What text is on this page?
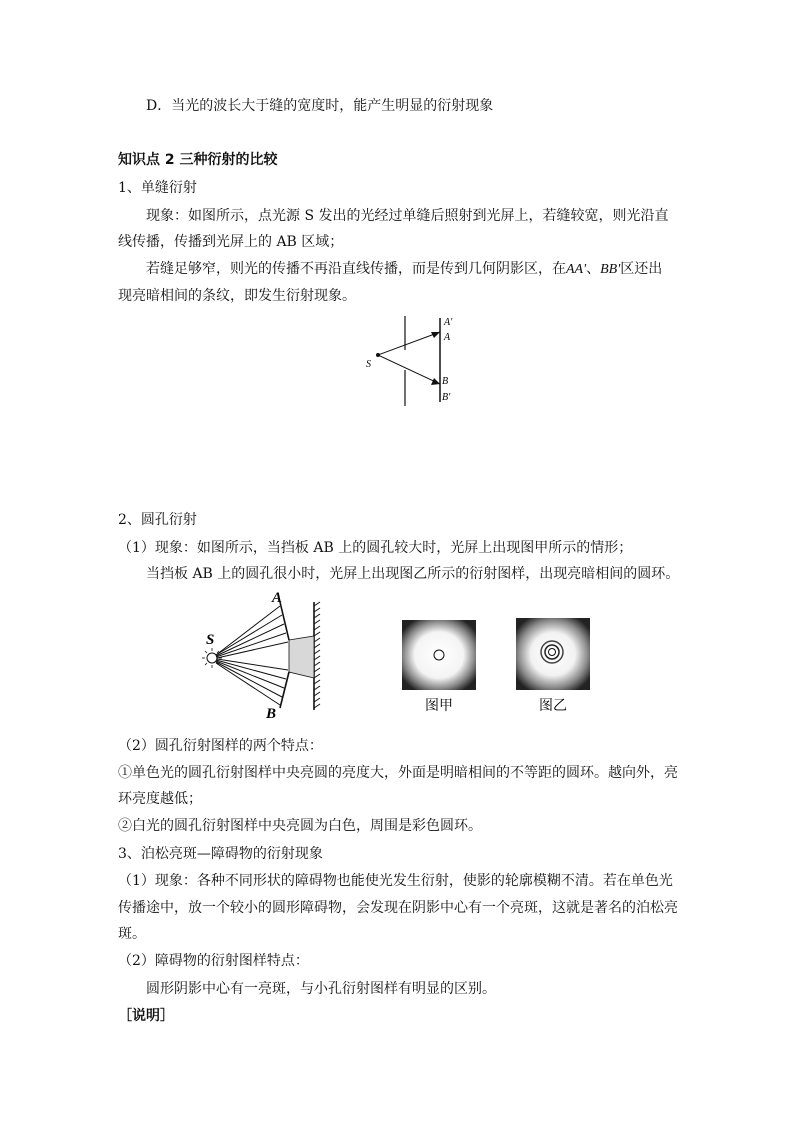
D．当光的波长大于缝的宽度时，能产生明显的衍射现象
知识点 2 三种衍射的比较
1、单缝衍射
现象：如图所示，点光源 S 发出的光经过单缝后照射到光屏上，若缝较宽，则光沿直
线传播，传播到光屏上的 AB 区域；
若缝足够窄，则光的传播不再沿直线传播，而是传到几何阴影区，在AA'、BB'区还出
现亮暗相间的条纹，即发生衍射现象。
A'
A
S
B
B'
2、圆孔衍射
（1）现象：如图所示，当挡板 AB 上的圆孔较大时，光屏上出现图甲所示的情形；
当挡板 AB 上的圆孔很小时，光屏上出现图乙所示的衍射图样，出现亮暗相间的圆环。
A
S
B	图甲	图乙
（2）圆孔衍射图样的两个特点：
①单色光的圆孔衍射图样中央亮圆的亮度大，外面是明暗相间的不等距的圆环。越向外，亮
环亮度越低；
②白光的圆孔衍射图样中央亮圆为白色，周围是彩色圆环。
3、泊松亮斑—障碍物的衍射现象
（1）现象：各种不同形状的障碍物也能使光发生衍射，使影的轮廓模糊不清。若在单色光
传播途中，放一个较小的圆形障碍物，会发现在阴影中心有一个亮斑，这就是著名的泊松亮
斑。
（2）障碍物的衍射图样特点：
圆形阴影中心有一亮斑，与小孔衍射图样有明显的区别。
［说明］
